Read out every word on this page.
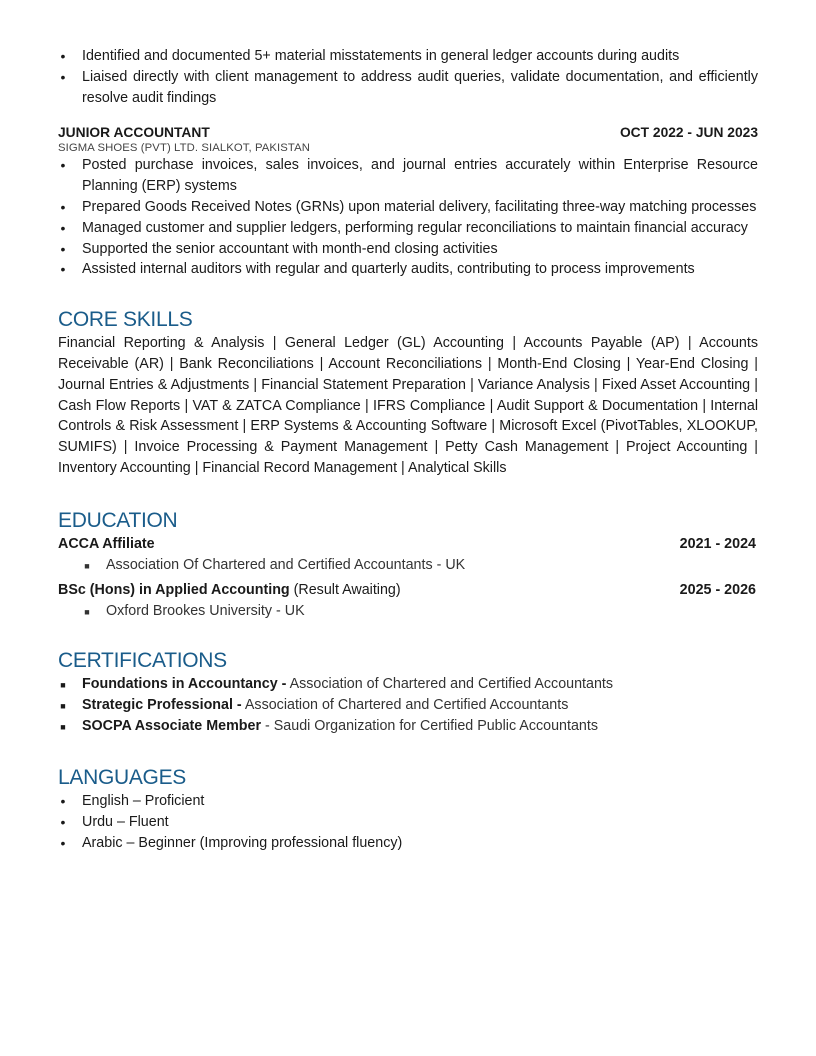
• Identified and documented 5+ material misstatements in general ledger accounts during audits
• Liaised directly with client management to address audit queries, validate documentation, and efficiently resolve audit findings
JUNIOR ACCOUNTANT	OCT 2022 - JUN 2023
SIGMA SHOES (PVT) LTD. SIALKOT, PAKISTAN
• Posted purchase invoices, sales invoices, and journal entries accurately within Enterprise Resource Planning (ERP) systems
• Prepared Goods Received Notes (GRNs) upon material delivery, facilitating three-way matching processes
• Managed customer and supplier ledgers, performing regular reconciliations to maintain financial accuracy
• Supported the senior accountant with month-end closing activities
• Assisted internal auditors with regular and quarterly audits, contributing to process improvements
CORE SKILLS
Financial Reporting & Analysis | General Ledger (GL) Accounting | Accounts Payable (AP) | Accounts Receivable (AR) | Bank Reconciliations | Account Reconciliations | Month-End Closing | Year-End Closing | Journal Entries & Adjustments | Financial Statement Preparation | Variance Analysis | Fixed Asset Accounting | Cash Flow Reports | VAT & ZATCA Compliance | IFRS Compliance | Audit Support & Documentation | Internal Controls & Risk Assessment | ERP Systems & Accounting Software | Microsoft Excel (PivotTables, XLOOKUP, SUMIFS) | Invoice Processing & Payment Management | Petty Cash Management | Project Accounting | Inventory Accounting | Financial Record Management | Analytical Skills
EDUCATION
ACCA Affiliate	2021 - 2024
■ Association Of Chartered and Certified Accountants - UK
BSc (Hons) in Applied Accounting (Result Awaiting)	2025 - 2026
■ Oxford Brookes University - UK
CERTIFICATIONS
■ Foundations in Accountancy - Association of Chartered and Certified Accountants
■ Strategic Professional - Association of Chartered and Certified Accountants
■ SOCPA Associate Member - Saudi Organization for Certified Public Accountants
LANGUAGES
• English – Proficient
• Urdu – Fluent
• Arabic – Beginner (Improving professional fluency)
